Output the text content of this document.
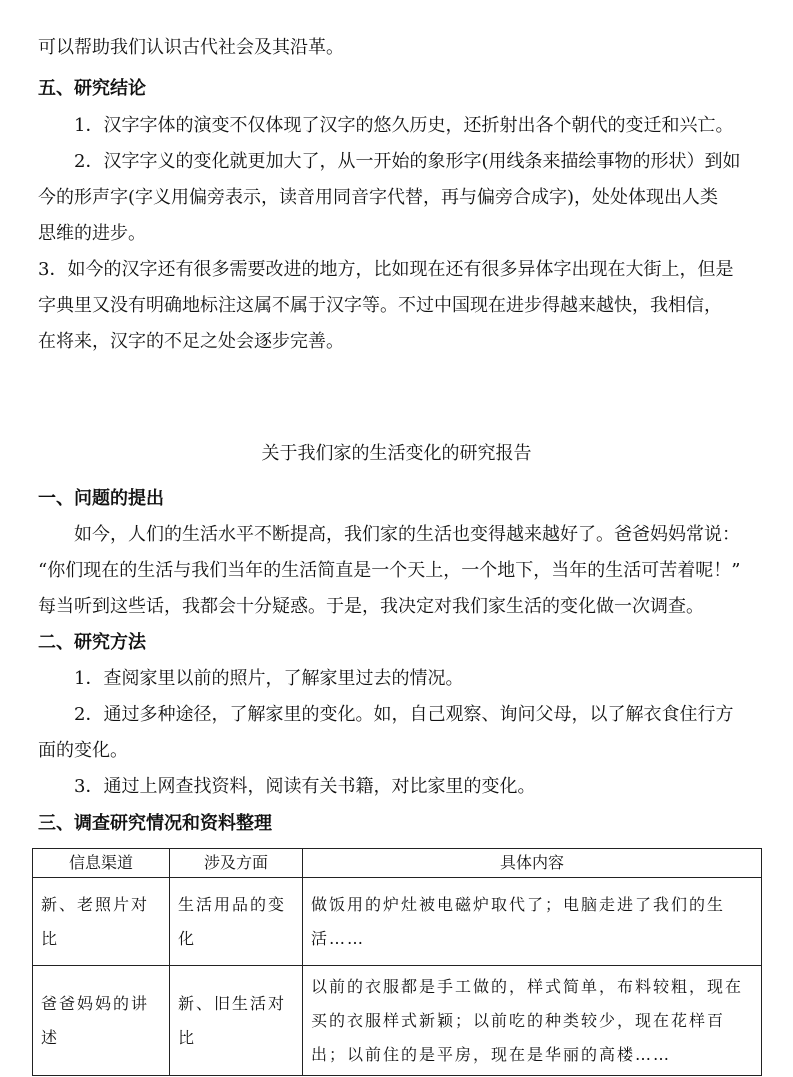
可以帮助我们认识古代社会及其沿革。
五、研究结论
1．汉字字体的演变不仅体现了汉字的悠久历史，还折射出各个朝代的变迁和兴亡。
2．汉字字义的变化就更加大了，从一开始的象形字(用线条来描绘事物的形状）到如
今的形声字(字义用偏旁表示，读音用同音字代替，再与偏旁合成字)，处处体现出人类
思维的进步。
3．如今的汉字还有很多需要改进的地方，比如现在还有很多异体字出现在大街上，但是
字典里又没有明确地标注这属不属于汉字等。不过中国现在进步得越来越快，我相信，
在将来，汉字的不足之处会逐步完善。
关于我们家的生活变化的研究报告
一、问题的提出
如今，人们的生活水平不断提高，我们家的生活也变得越来越好了。爸爸妈妈常说：
“你们现在的生活与我们当年的生活简直是一个天上，一个地下，当年的生活可苦着呢！”
每当听到这些话，我都会十分疑惑。于是，我决定对我们家生活的变化做一次调查。
二、研究方法
1．查阅家里以前的照片，了解家里过去的情况。
2．通过多种途径，了解家里的变化。如，自己观察、询问父母，以了解衣食住行方
面的变化。
3．通过上网查找资料，阅读有关书籍，对比家里的变化。
三、调查研究情况和资料整理
信息渠道	涉及方面	具体内容

新、老照片对比	生活用品的变化	做饭用的炉灶被电磁炉取代了；电脑走进了我们的生活……

爸爸妈妈的讲述	新、旧生活对比	以前的衣服都是手工做的，样式简单，布料较粗，现在买的衣服样式新颖；以前吃的种类较少，现在花样百出；以前住的是平房，现在是华丽的高楼……
